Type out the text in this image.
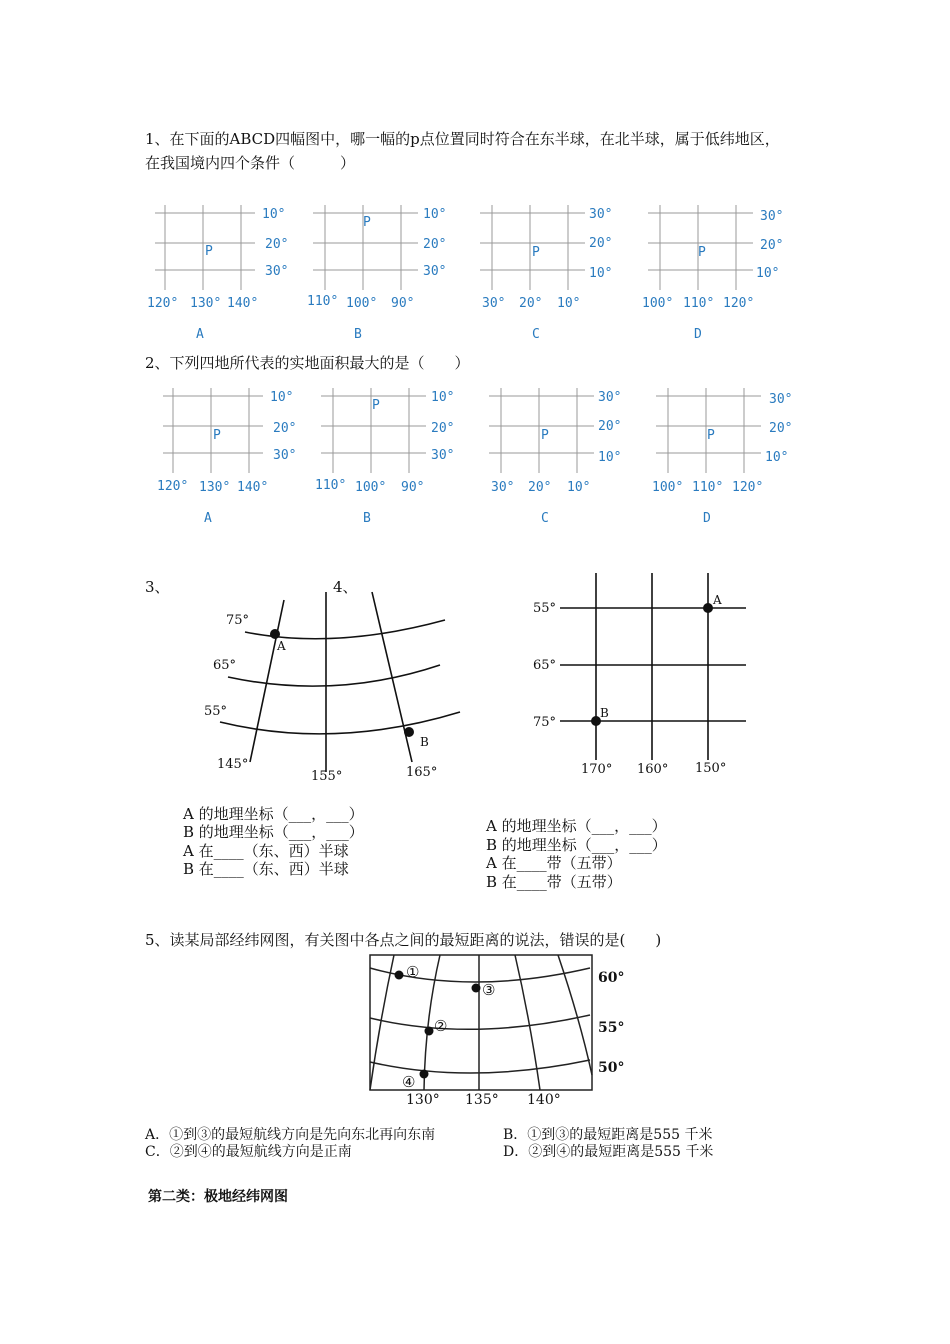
1、在下面的ABCD四幅图中，哪一幅的p点位置同时符合在东半球，在北半球，属于低纬地区，
在我国境内四个条件（　　　）
10°
20°
30°
120° 130° 140°
P
A
10°
20°
30°
110° 100° 90°
P
B
30°
20°
10°
30° 20° 10°
P
C
30°
20°
10°
100° 110° 120°
P
D
10°
20°
30°
120° 130° 140°
P
A
10°
20°
30°
110° 100° 90°
P
B
30°
20°
10°
30° 20° 10°
P
C
30°
20°
10°
100° 110° 120°
P
D
75°
65°
55°
145°
155°	165°
A
B
55°
65°
75°
170° 160° 150°
A
B
①
③
②
④
60°
55°
50°
130° 135° 140°
2、下列四地所代表的实地面积最大的是（　　）
3、	4、
A 的地理坐标（___，___）
B 的地理坐标（___，___）
A 在____（东、西）半球
B 在____（东、西）半球
A 的地理坐标（___，___）
B 的地理坐标（___，___）
A 在____带（五带）
B 在____带（五带）
5、读某局部经纬网图，有关图中各点之间的最短距离的说法，错误的是(　　)
A．①到③的最短航线方向是先向东北再向东南	B．①到③的最短距离是555 千米
C．②到④的最短航线方向是正南	D．②到④的最短距离是555 千米
第二类：极地经纬网图
